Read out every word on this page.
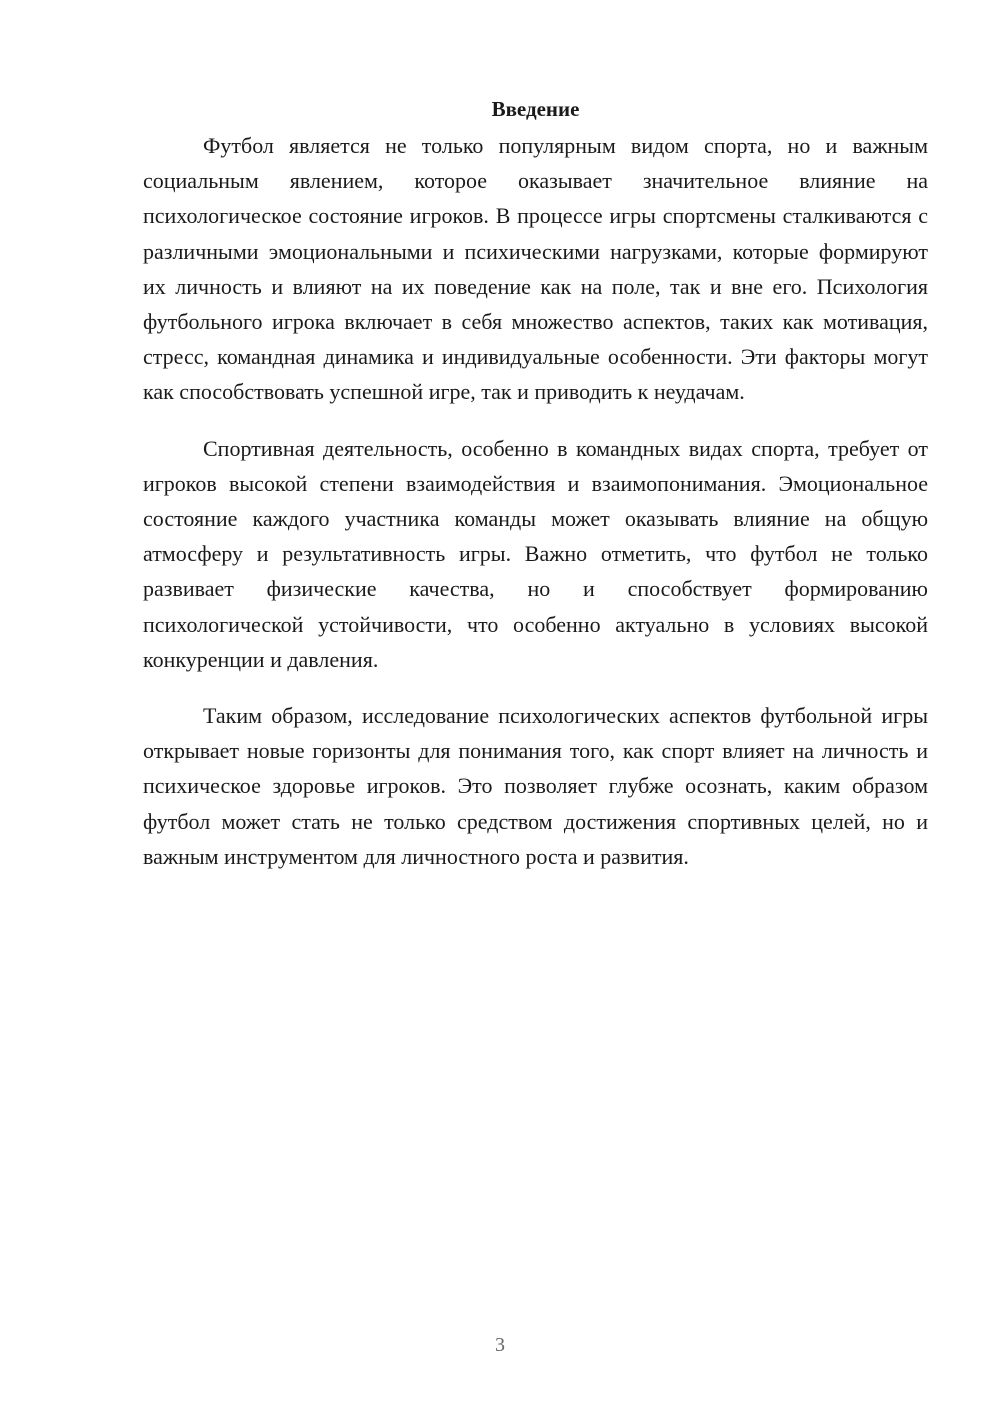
Введение

Футбол является не только популярным видом спорта, но и важным социальным явлением, которое оказывает значительное влияние на психологическое состояние игроков. В процессе игры спортсмены сталкиваются с различными эмоциональными и психическими нагрузками, которые формируют их личность и влияют на их поведение как на поле, так и вне его. Психология футбольного игрока включает в себя множество аспектов, таких как мотивация, стресс, командная динамика и индивидуальные особенности. Эти факторы могут как способствовать успешной игре, так и приводить к неудачам.

Спортивная деятельность, особенно в командных видах спорта, требует от игроков высокой степени взаимодействия и взаимопонимания. Эмоциональное состояние каждого участника команды может оказывать влияние на общую атмосферу и результативность игры. Важно отметить, что футбол не только развивает физические качества, но и способствует формированию психологической устойчивости, что особенно актуально в условиях высокой конкуренции и давления.

Таким образом, исследование психологических аспектов футбольной игры открывает новые горизонты для понимания того, как спорт влияет на личность и психическое здоровье игроков. Это позволяет глубже осознать, каким образом футбол может стать не только средством достижения спортивных целей, но и важным инструментом для личностного роста и развития.

3
